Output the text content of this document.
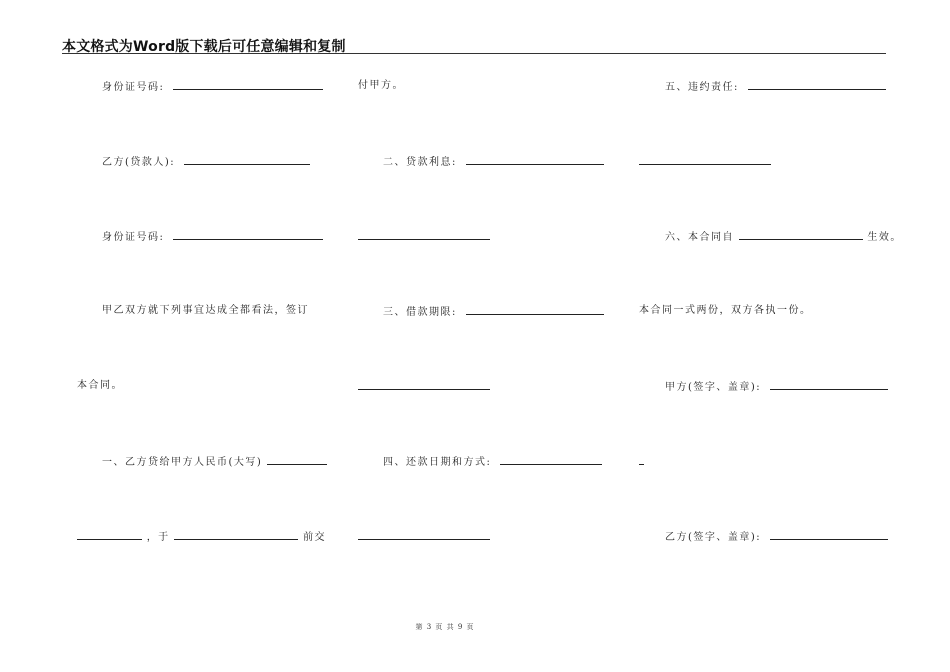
本文格式为Word版下载后可任意编辑和复制
身份证号码:
乙方(贷款人):
身份证号码:
甲乙双方就下列事宜达成全都看法，签订
本合同。
一、乙方贷给甲方人民币(大写)
，于	前交
付甲方。
二、贷款利息:
三、借款期限:
四、还款日期和方式:
五、违约责任:
六、本合同自	生效。
本合同一式两份，双方各执一份。
甲方(签字、盖章):
乙方(签字、盖章):
第 3 页 共 9 页
